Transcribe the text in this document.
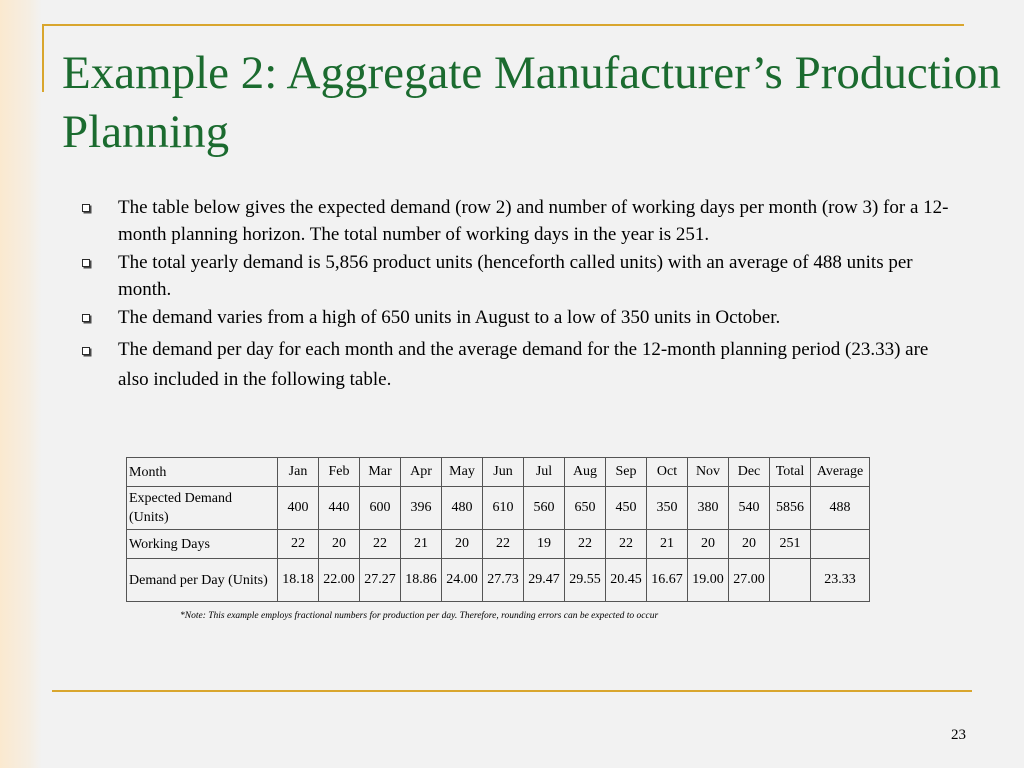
Example 2: Aggregate Manufacturer’s Production Planning
The table below gives the expected demand (row 2) and number of working days per month (row 3) for a 12-month planning horizon. The total number of working days in the year is 251.
The total yearly demand is 5,856 product units (henceforth called units) with an average of 488 units per month.
The demand varies from a high of 650 units in August to a low of 350 units in October.
The demand per day for each month and the average demand for the 12-month planning period (23.33) are also included in the following table.
Month	Jan	Feb	Mar	Apr	May	Jun	Jul	Aug	Sep	Oct	Nov	Dec	Total	Average
Expected Demand (Units)	400	440	600	396	480	610	560	650	450	350	380	540	5856	488
Working Days	22	20	22	21	20	22	19	22	22	21	20	20	251	
Demand per Day (Units)	18.18	22.00	27.27	18.86	24.00	27.73	29.47	29.55	20.45	16.67	19.00	27.00		23.33
*Note: This example employs fractional numbers for production per day. Therefore, rounding errors can be expected to occur
23
